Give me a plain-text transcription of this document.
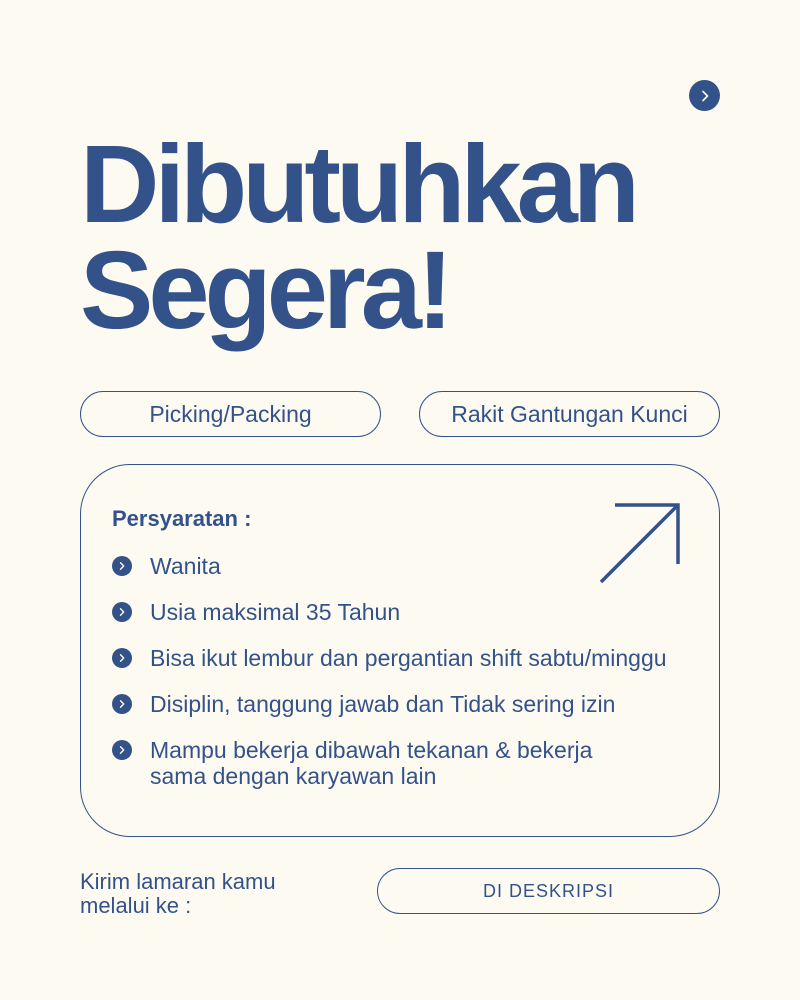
Dibutuhkan
Segera!
Picking/Packing	Rakit Gantungan Kunci
Persyaratan :
Wanita
Usia maksimal 35 Tahun
Bisa ikut lembur dan pergantian shift sabtu/minggu
Disiplin, tanggung jawab dan Tidak sering izin
Mampu bekerja dibawah tekanan & bekerja sama dengan karyawan lain
Kirim lamaran kamu melalui ke :
DI DESKRIPSI
